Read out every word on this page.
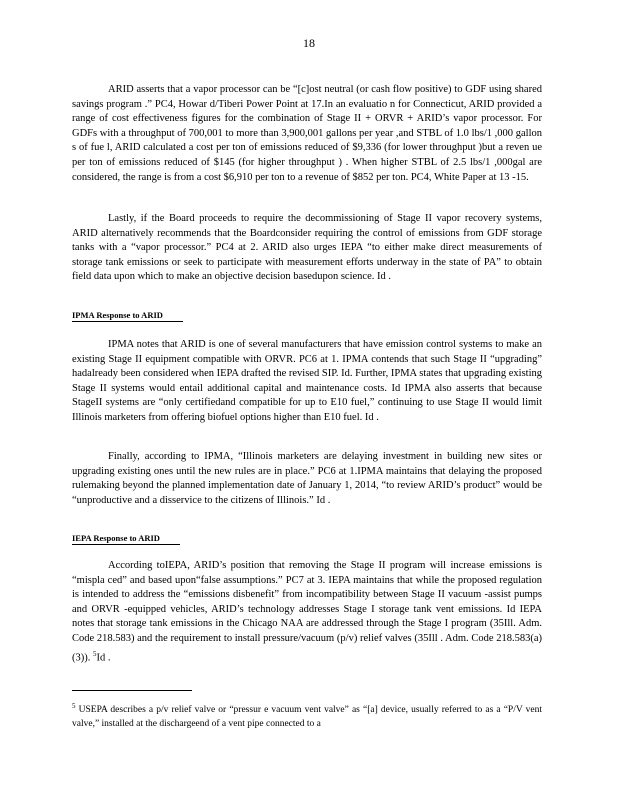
18

ARID asserts that a vapor processor can be “[c]ost neutral (or cash flow positive) to GDF using shared savings program .” PC4, Howar d/Tiberi Power Point at 17.In an evaluatio n for Connecticut, ARID provided a range of cost effectiveness figures for the combination of Stage II + ORVR + ARID’s vapor processor. For GDFs with a throughput of 700,001 to more than 3,900,001 gallons per year ,and STBL of 1.0 lbs/1 ,000 gallon s of fue l, ARID calculated a cost per ton of emissions reduced of $9,336 (for lower throughput )but a reven ue per ton of emissions reduced of $145 (for higher throughput ) . When higher STBL of 2.5 lbs/1 ,000gal are considered, the range is from a cost $6,910 per ton to a revenue of $852 per ton. PC4, White Paper at 13 -15.

Lastly, if the Board proceeds to require the decommissioning of Stage II vapor recovery systems, ARID alternatively recommends that the Boardconsider requiring the control of emissions from GDF storage tanks with a “vapor processor.” PC4 at 2. ARID also urges IEPA “to either make direct measurements of storage tank emissions or seek to participate with measurement efforts underway in the state of PA” to obtain field data upon which to make an objective decision basedupon science. Id .

IPMA Response to ARID

IPMA notes that ARID is one of several manufacturers that have emission control systems to make an existing Stage II equipment compatible with ORVR. PC6 at 1. IPMA contends that such Stage II “upgrading” hadalready been considered when IEPA drafted the revised SIP. Id. Further, IPMA states that upgrading existing Stage II systems would entail additional capital and maintenance costs. Id IPMA also asserts that because StageII systems are “only certifiedand compatible for up to E10 fuel,” continuing to use Stage II would limit Illinois marketers from offering biofuel options higher than E10 fuel. Id .

Finally, according to IPMA, “Illinois marketers are delaying investment in building new sites or upgrading existing ones until the new rules are in place.” PC6 at 1.IPMA maintains that delaying the proposed rulemaking beyond the planned implementation date of January 1, 2014, “to review ARID’s product” would be “unproductive and a disservice to the citizens of Illinois.” Id .

IEPA Response to ARID

According toIEPA, ARID’s position that removing the Stage II program will increase emissions is “mispla ced” and based upon“false assumptions.” PC7 at 3. IEPA maintains that while the proposed regulation is intended to address the “emissions disbenefit” from incompatibility between Stage II vacuum -assist pumps and ORVR -equipped vehicles, ARID’s technology addresses Stage I storage tank vent emissions. Id IEPA notes that storage tank emissions in the Chicago NAA are addressed through the Stage I program (35Ill. Adm. Code 218.583) and the requirement to install pressure/vacuum (p/v) relief valves (35Ill . Adm. Code 218.583(a)(3)). $^5$Id .

$^5$ USEPA describes a p/v relief valve or “pressur e vacuum vent valve” as “[a] device, usually referred to as a “P/V vent valve,” installed at the dischargeend of a vent pipe connected to a
